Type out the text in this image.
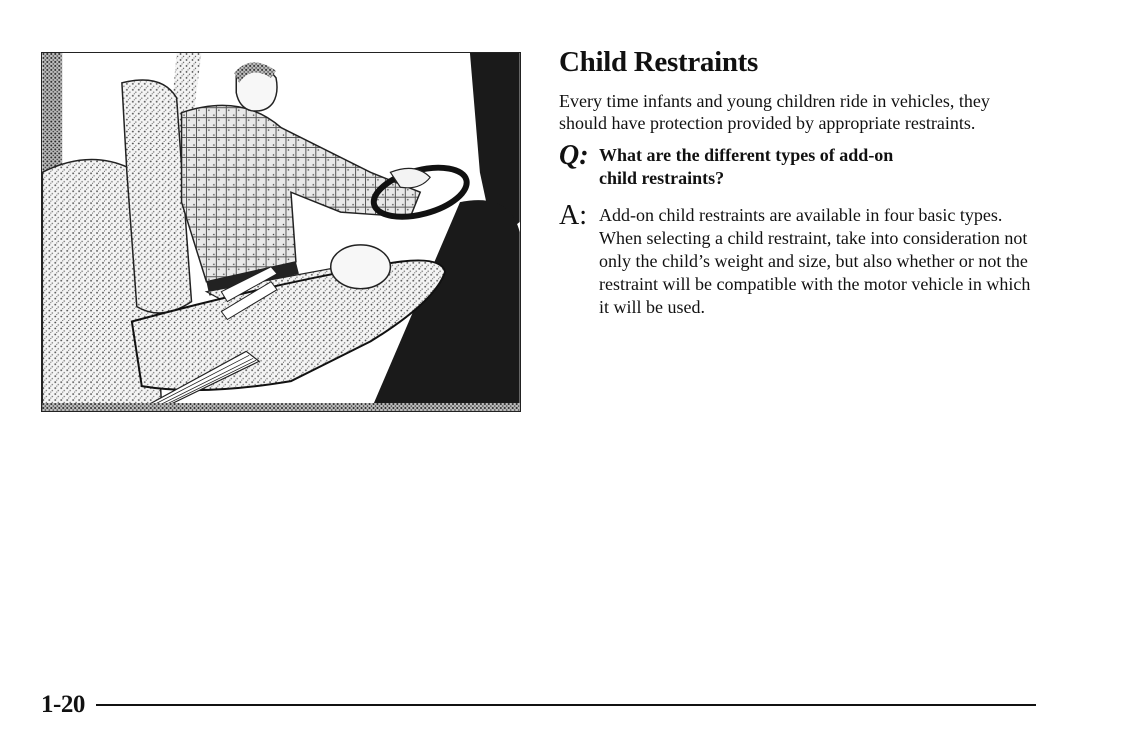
Child Restraints

Every time infants and young children ride in vehicles, they should have protection provided by appropriate restraints.

Q: What are the different types of add-on child restraints?
A: Add-on child restraints are available in four basic types. When selecting a child restraint, take into consideration not only the child’s weight and size, but also whether or not the restraint will be compatible with the motor vehicle in which it will be used.
1-20
